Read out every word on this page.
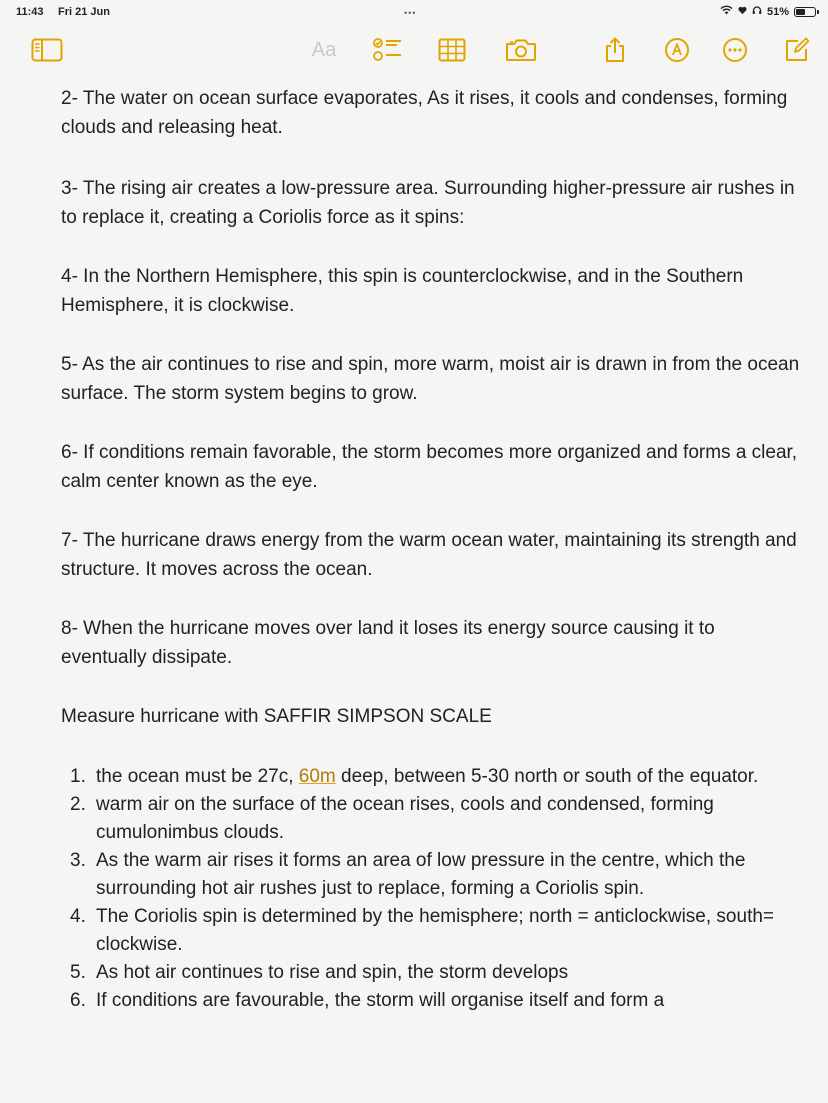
11:43 Fri 21 Jun	•••	51%
Aa

2- The water on ocean surface evaporates, As it rises, it cools and condenses, forming clouds and releasing heat.

3- The rising air creates a low-pressure area. Surrounding higher-pressure air rushes in to replace it, creating a Coriolis force as it spins:

4- In the Northern Hemisphere, this spin is counterclockwise, and in the Southern Hemisphere, it is clockwise.

5- As the air continues to rise and spin, more warm, moist air is drawn in from the ocean surface. The storm system begins to grow.

6- If conditions remain favorable, the storm becomes more organized and forms a clear, calm center known as the eye.

7- The hurricane draws energy from the warm ocean water, maintaining its strength and structure. It moves across the ocean.

8- When the hurricane moves over land it loses its energy source causing it to eventually dissipate.

Measure hurricane with SAFFIR SIMPSON SCALE

1. the ocean must be 27c, 60m deep, between 5-30 north or south of the equator.
2. warm air on the surface of the ocean rises, cools and condensed, forming cumulonimbus clouds.
3. As the warm air rises it forms an area of low pressure in the centre, which the surrounding hot air rushes just to replace, forming a Coriolis spin.
4. The Coriolis spin is determined by the hemisphere; north = anticlockwise, south= clockwise.
5. As hot air continues to rise and spin, the storm develops
6. If conditions are favourable, the storm will organise itself and form a
